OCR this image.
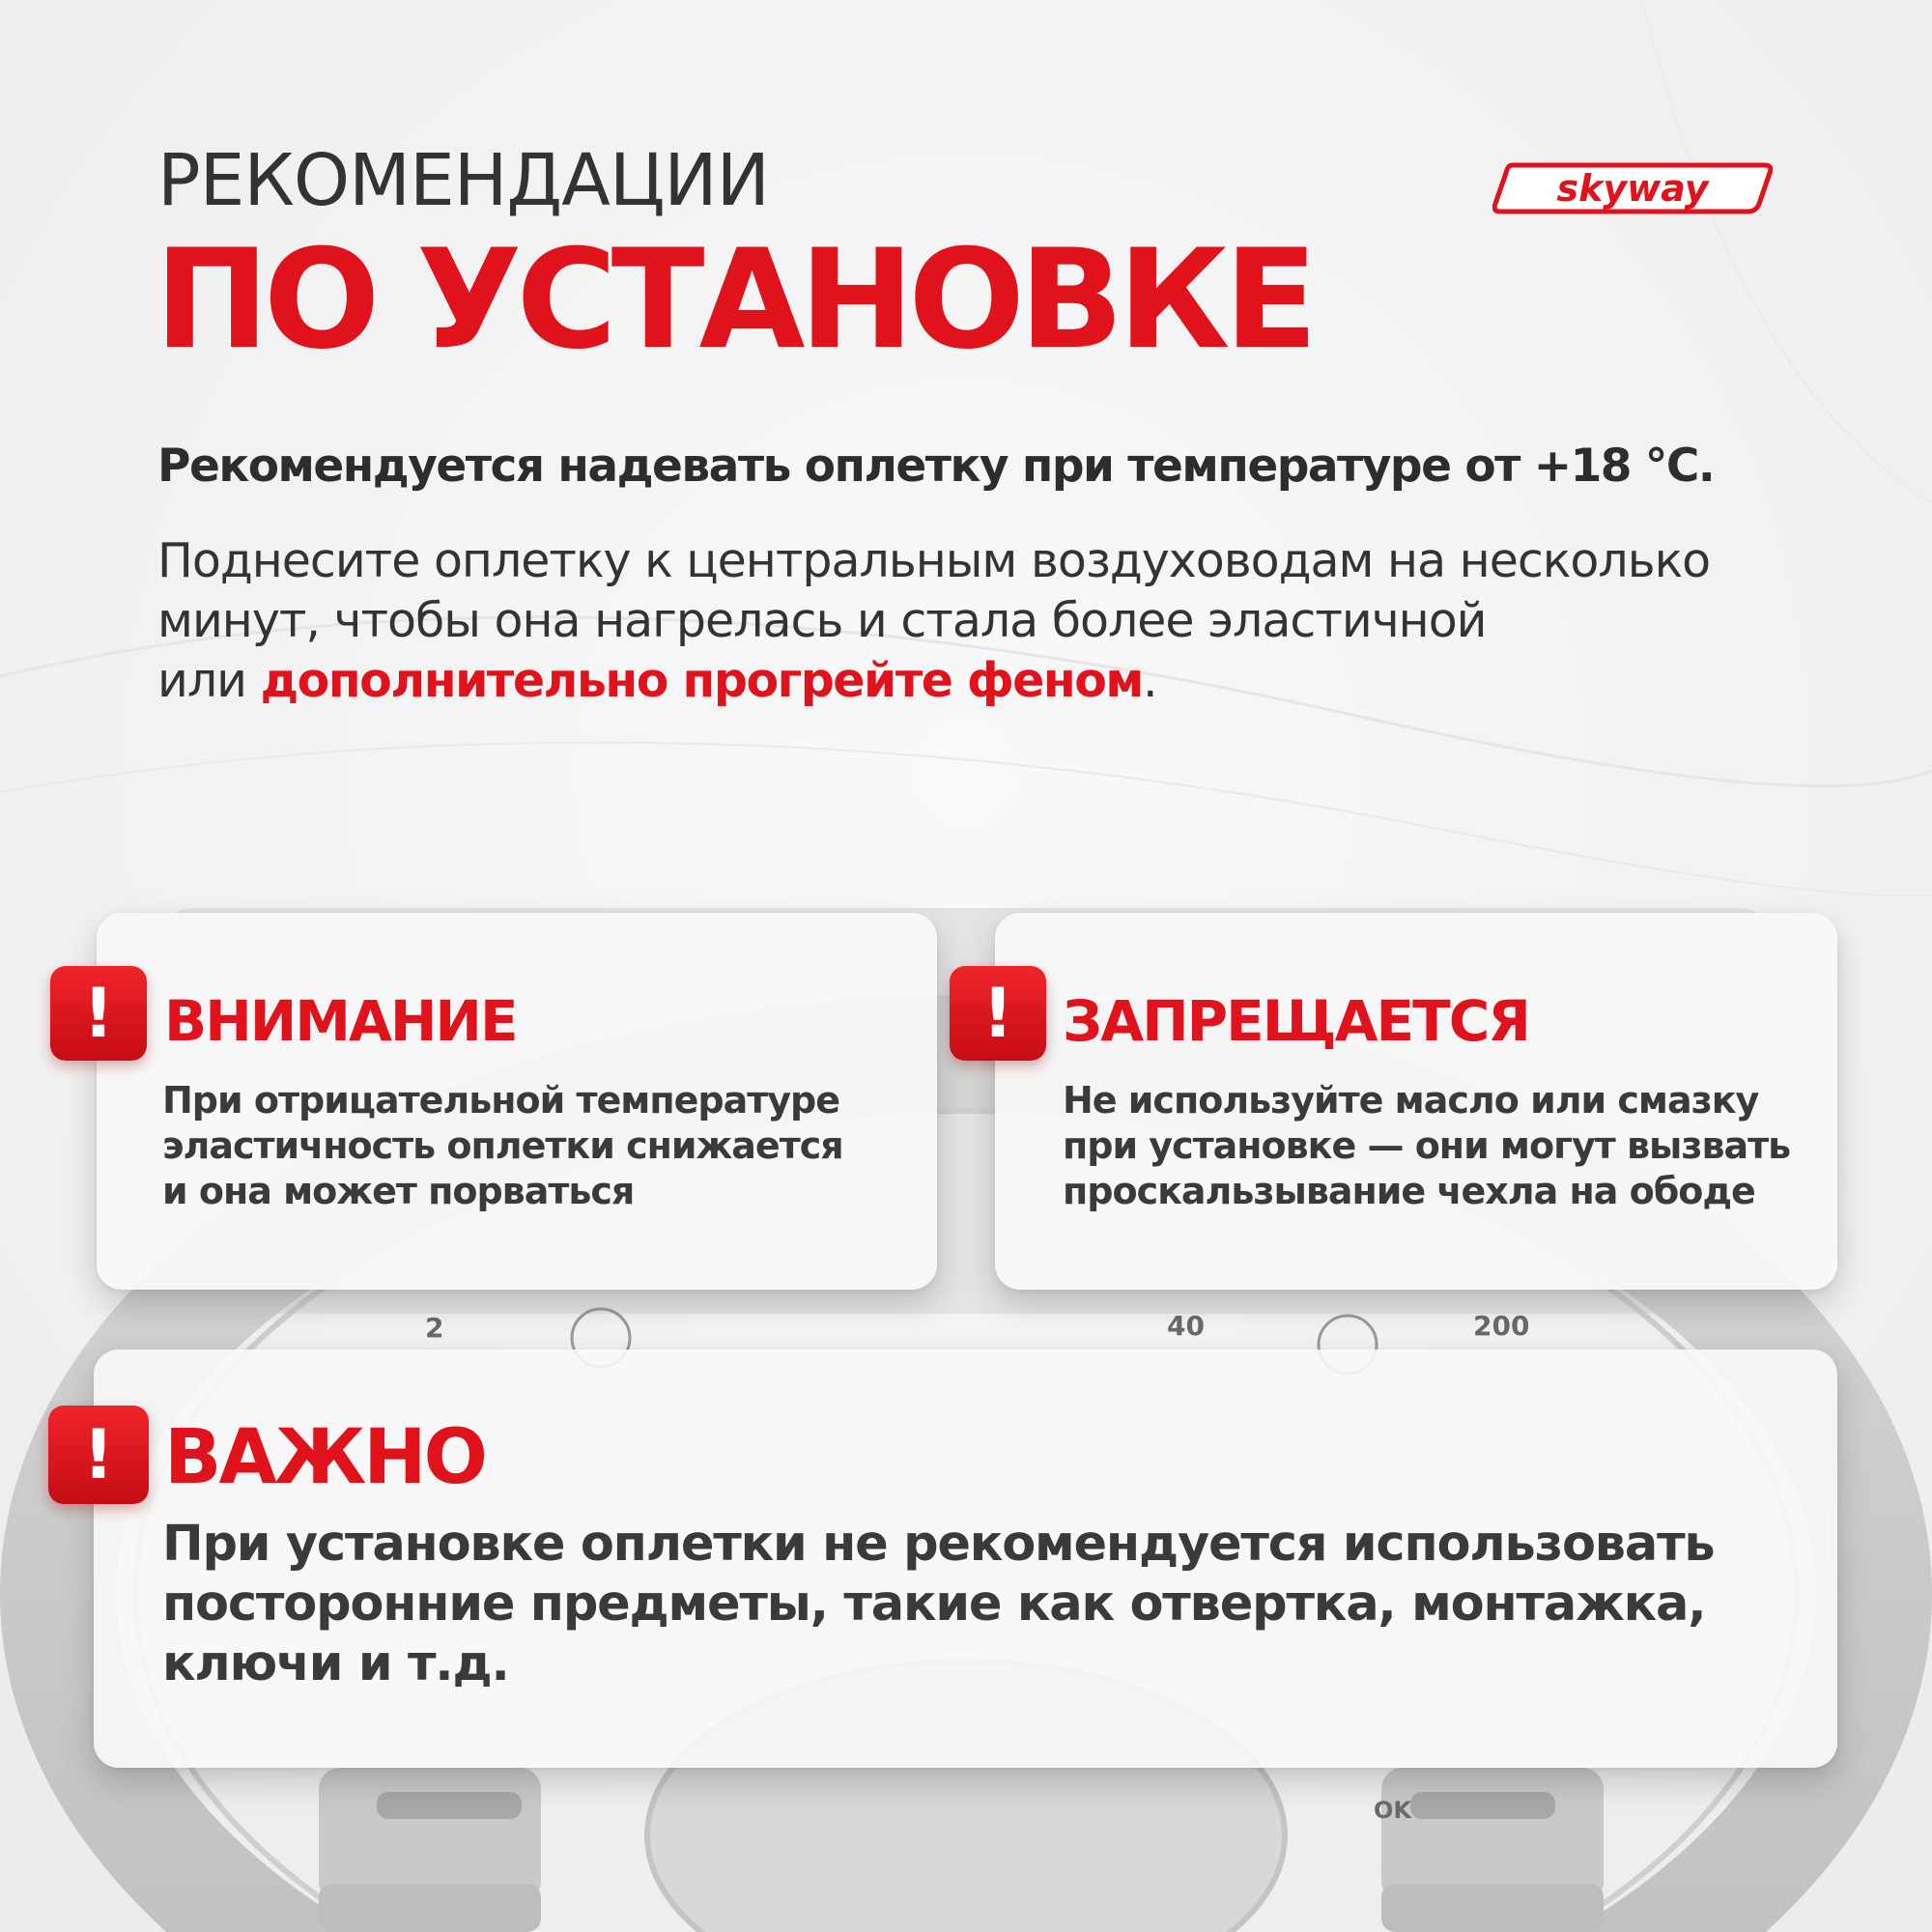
2	40	200
OK
РЕКОМЕНДАЦИИ
ПО УСТАНОВКЕ
skyway

Рекомендуется надевать оплетку при температуре от +18 °C.

Поднесите оплетку к центральным воздуховодам на несколько
минут, чтобы она нагрелась и стала более эластичной
или дополнительно прогрейте феном.

! ВНИМАНИЕ

При отрицательной температуре
эластичность оплетки снижается
и она может порваться

! ЗАПРЕЩАЕТСЯ

Не используйте масло или смазку
при установке — они могут вызвать
проскальзывание чехла на ободе

! ВАЖНО

При установке оплетки не рекомендуется использовать
посторонние предметы, такие как отвертка, монтажка,
ключи и т.д.
